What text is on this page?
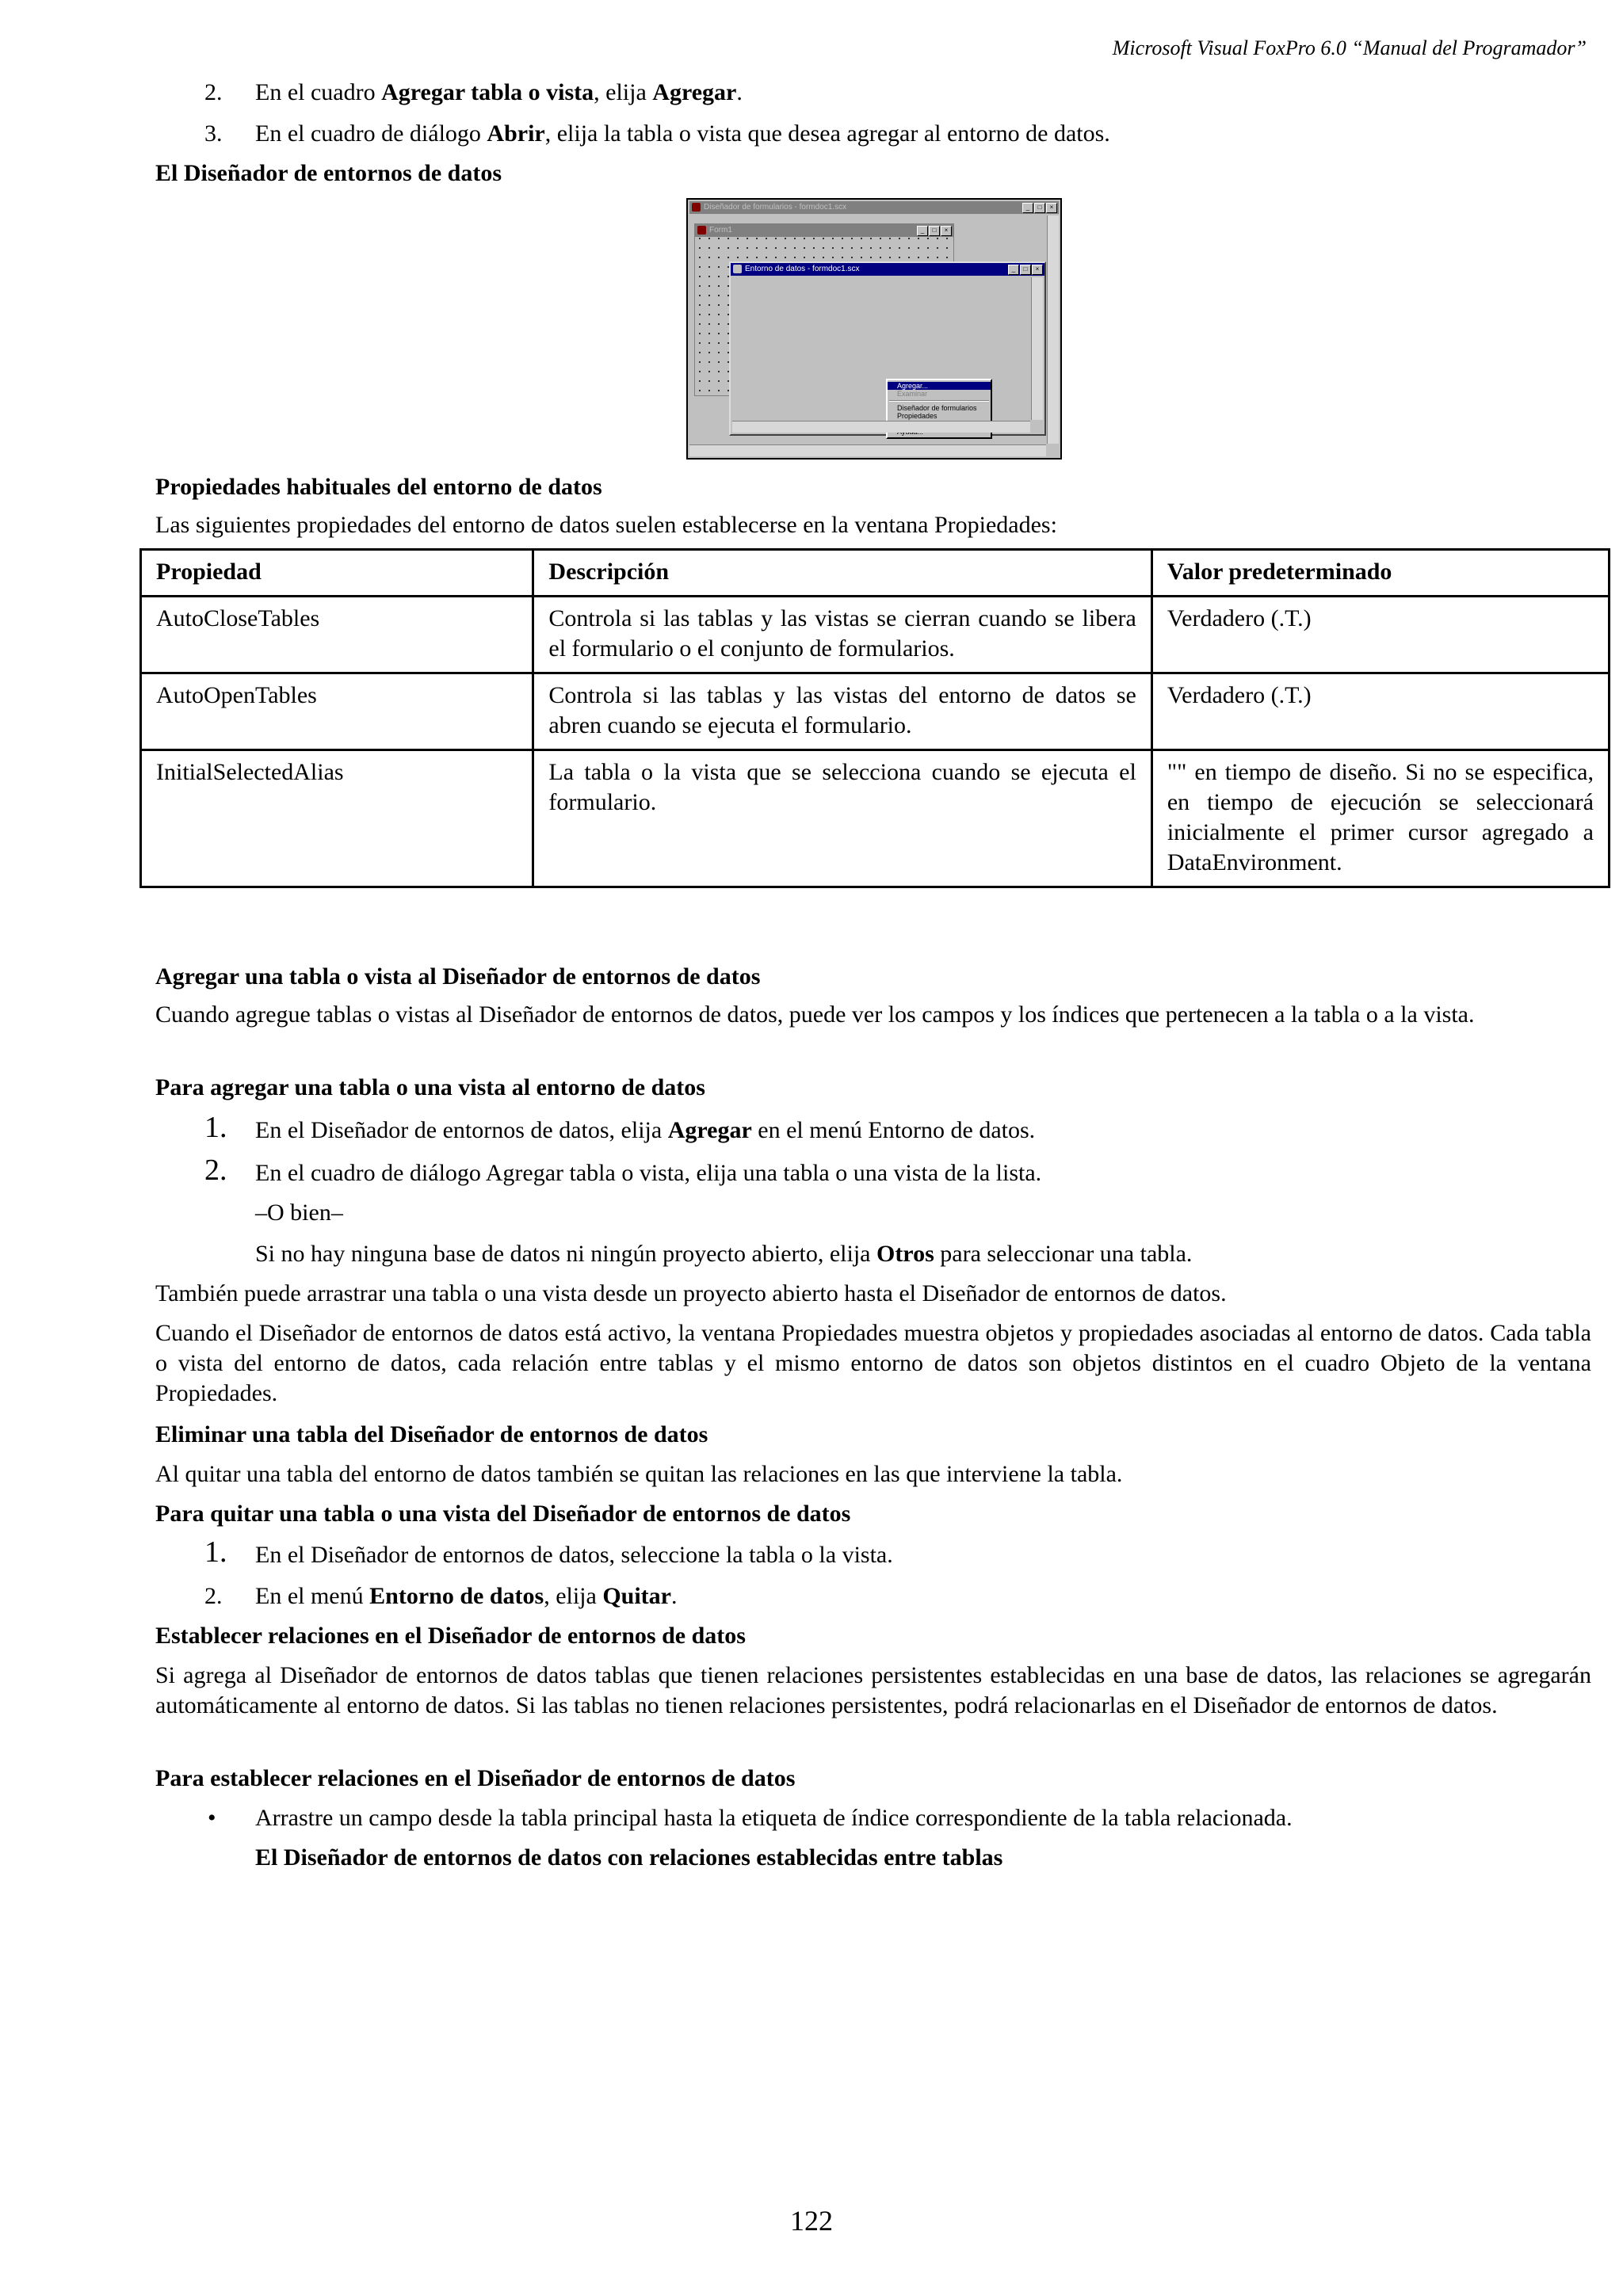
Microsoft Visual FoxPro 6.0 “Manual del Programador”
2. En el cuadro Agregar tabla o vista, elija Agregar.
3. En el cuadro de diálogo Abrir, elija la tabla o vista que desea agregar al entorno de datos.
El Diseñador de entornos de datos
Diseñador de formularios - formdoc1.scx	_	□	×
Form1	_	□	×
Entorno de datos - formdoc1.scx	_	□	×
Agregar...
Examinar
Diseñador de formularios
Propiedades
Propiedades habituales del entorno de datos
Las siguientes propiedades del entorno de datos suelen establecerse en la ventana Propiedades:
Propiedad	Descripción	Valor predeterminado
AutoCloseTables	Controla si las tablas y las vistas se cierran cuando se libera el formulario o el conjunto de formularios.	Verdadero (.T.)
AutoOpenTables	Controla si las tablas y las vistas del entorno de datos se abren cuando se ejecuta el formulario.	Verdadero (.T.)
InitialSelectedAlias	La tabla o la vista que se selecciona cuando se ejecuta el formulario.	"" en tiempo de diseño. Si no se especifica, en tiempo de ejecución se seleccionará inicialmente el primer cursor agregado a DataEnvironment.
Agregar una tabla o vista al Diseñador de entornos de datos
Cuando agregue tablas o vistas al Diseñador de entornos de datos, puede ver los campos y los índices que pertenecen a la tabla o a la vista.
Para agregar una tabla o una vista al entorno de datos
1. En el Diseñador de entornos de datos, elija Agregar en el menú Entorno de datos.
2. En el cuadro de diálogo Agregar tabla o vista, elija una tabla o una vista de la lista.
–O bien–
Si no hay ninguna base de datos ni ningún proyecto abierto, elija Otros para seleccionar una tabla.
También puede arrastrar una tabla o una vista desde un proyecto abierto hasta el Diseñador de entornos de datos.
Cuando el Diseñador de entornos de datos está activo, la ventana Propiedades muestra objetos y propiedades asociadas al entorno de datos. Cada tabla o vista del entorno de datos, cada relación entre tablas y el mismo entorno de datos son objetos distintos en el cuadro Objeto de la ventana Propiedades.
Eliminar una tabla del Diseñador de entornos de datos
Al quitar una tabla del entorno de datos también se quitan las relaciones en las que interviene la tabla.
Para quitar una tabla o una vista del Diseñador de entornos de datos
1. En el Diseñador de entornos de datos, seleccione la tabla o la vista.
2. En el menú Entorno de datos, elija Quitar.
Establecer relaciones en el Diseñador de entornos de datos
Si agrega al Diseñador de entornos de datos tablas que tienen relaciones persistentes establecidas en una base de datos, las relaciones se agregarán automáticamente al entorno de datos. Si las tablas no tienen relaciones persistentes, podrá relacionarlas en el Diseñador de entornos de datos.
Para establecer relaciones en el Diseñador de entornos de datos
• Arrastre un campo desde la tabla principal hasta la etiqueta de índice correspondiente de la tabla relacionada.
El Diseñador de entornos de datos con relaciones establecidas entre tablas
122
